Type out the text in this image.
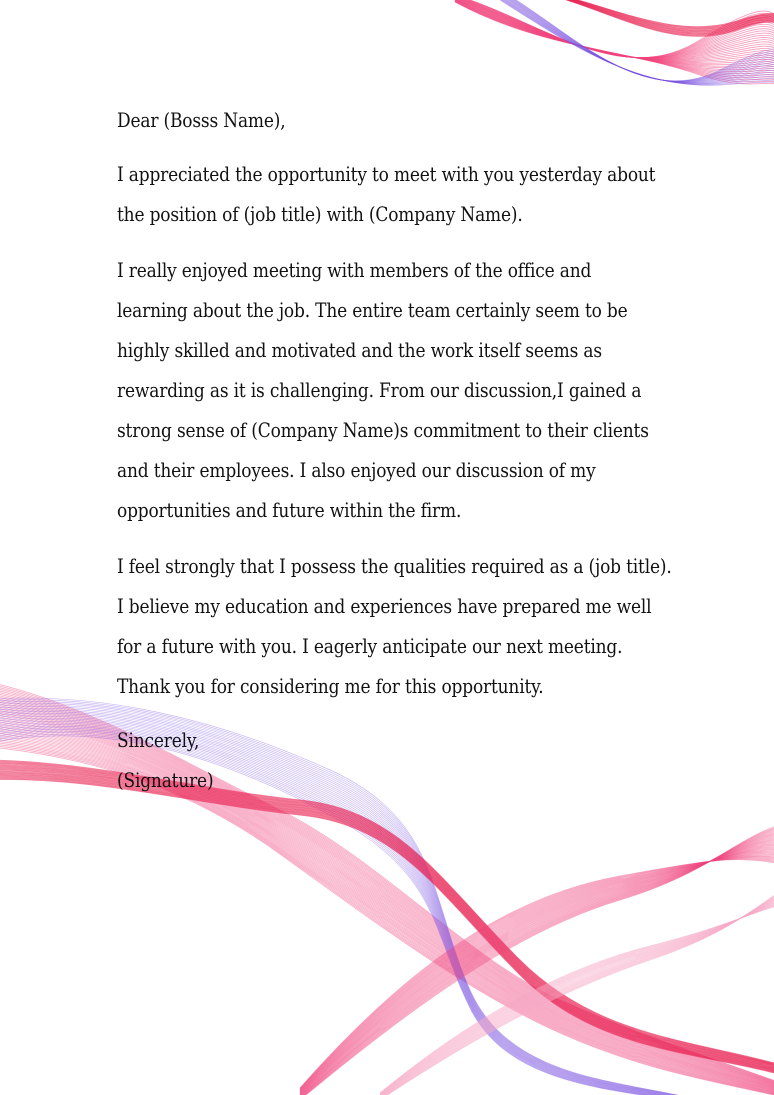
Dear (Bosss Name),

I appreciated the opportunity to meet with you yesterday about

the position of (job title) with (Company Name).

I really enjoyed meeting with members of the office and

learning about the job. The entire team certainly seem to be

highly skilled and motivated and the work itself seems as

rewarding as it is challenging. From our discussion,I gained a

strong sense of (Company Name)s commitment to their clients

and their employees. I also enjoyed our discussion of my

opportunities and future within the firm.

I feel strongly that I possess the qualities required as a (job title).

I believe my education and experiences have prepared me well

for a future with you. I eagerly anticipate our next meeting.

Thank you for considering me for this opportunity.

Sincerely,

(Signature)
